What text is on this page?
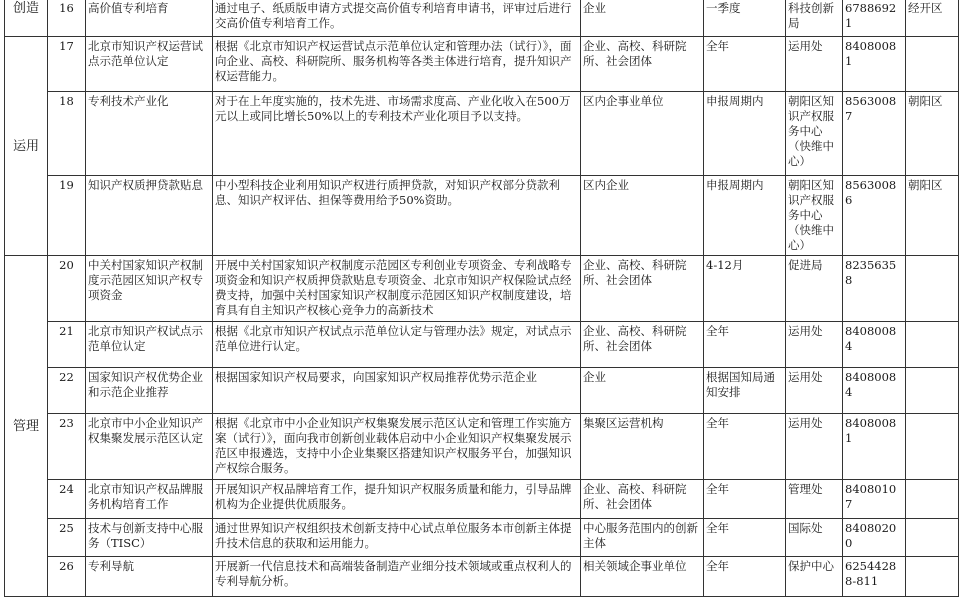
创造	16	高价值专利培育	通过电子、纸质版申请方式提交高价值专利培育申请书，评审过后进行交高价值专利培育工作。	企业	一季度	科技创新局	67886921	经开区
运用	17	北京市知识产权运营试点示范单位认定	根据《北京市知识产权运营试点示范单位认定和管理办法（试行）》，面向企业、高校、科研院所、服务机构等各类主体进行培育，提升知识产权运营能力。	企业、高校、科研院所、社会团体	全年	运用处	84080081	
	18	专利技术产业化	对于在上年度实施的，技术先进、市场需求度高、产业化收入在500万元以上或同比增长50%以上的专利技术产业化项目予以支持。	区内企事业单位	申报周期内	朝阳区知识产权服务中心（快维中心）	85630087	朝阳区
	19	知识产权质押贷款贴息	中小型科技企业利用知识产权进行质押贷款，对知识产权部分贷款利息、知识产权评估、担保等费用给予50%资助。	区内企业	申报周期内	朝阳区知识产权服务中心（快维中心）	85630086	朝阳区
管理	20	中关村国家知识产权制度示范园区知识产权专项资金	开展中关村国家知识产权制度示范园区专利创业专项资金、专利战略专项资金和知识产权质押贷款贴息专项资金、北京市知识产权保险试点经费支持，加强中关村国家知识产权制度示范园区知识产权制度建设，培育具有自主知识产权核心竞争力的高新技术	企业、高校、科研院所、社会团体	4-12月	促进局	82356358	
	21	北京市知识产权试点示范单位认定	根据《北京市知识产权试点示范单位认定与管理办法》规定，对试点示范单位进行认定。	企业、高校、科研院所、社会团体	全年	运用处	84080084	
	22	国家知识产权优势企业和示范企业推荐	根据国家知识产权局要求，向国家知识产权局推荐优势示范企业	企业	根据国知局通知安排	运用处	84080084	
	23	北京市中小企业知识产权集聚发展示范区认定	根据《北京市中小企业知识产权集聚发展示范区认定和管理工作实施方案（试行）》，面向我市创新创业载体启动中小企业知识产权集聚发展示范区申报遴选，支持中小企业集聚区搭建知识产权服务平台，加强知识产权综合服务。	集聚区运营机构	全年	运用处	84080081	
	24	北京市知识产权品牌服务机构培育工作	开展知识产权品牌培育工作，提升知识产权服务质量和能力，引导品牌机构为企业提供优质服务。	企业、高校、科研院所、社会团体	全年	管理处	84080107	
	25	技术与创新支持中心服务（TISC）	通过世界知识产权组织技术创新支持中心试点单位服务本市创新主体提升技术信息的获取和运用能力。	中心服务范围内的创新主体	全年	国际处	84080200	
	26	专利导航	开展新一代信息技术和高端装备制造产业细分技术领域或重点权利人的专利导航分析。	相关领域企事业单位	全年	保护中心	62544288-811	
